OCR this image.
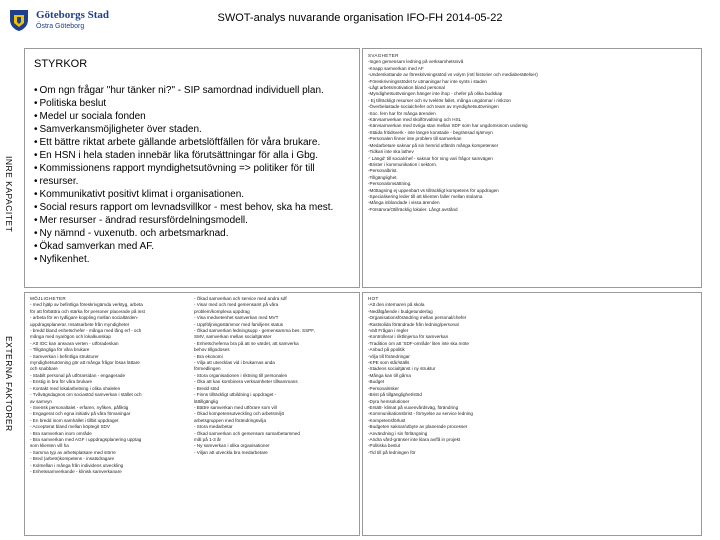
Göteborgs Stad
Östra Göteborg
SWOT-analys nuvarande organisation IFO-FH 2014-05-22
INRE KAPACITET
EXTERNA FAKTORER
STYRKOR
• Om ngn frågar "hur tänker ni?" - SIP samordnad individuell plan.
• Politiska beslut
• Medel ur sociala fonden
• Samverkansmöjligheter över staden.
• Ett bättre riktat arbete gällande arbetslöftfällen för våra brukare.
• En HSN i hela staden innebär lika förutsättningar för alla i Gbg.
• Kommissionens rapport myndighetsutövning => politiker för till
• resurser.
• Kommunikativt positivt klimat i organisationen.
• Social resurs rapport om levnadsvillkor - mest behov, ska ha mest.
• Mer resurser - ändrad resursfördelningsmodell.
• Ny nämnd - vuxenutb. och arbetsmarknad.
• Ökad samverkan med AF.
• Nyfikenhet.
SVAGHETER
-Ingen gemensam ledning på verksamhetsnivå
-Knapp samverkan med AF
-Underskottande av föreskrivningsstöd vs volym (mtl historier och mediaberättelser)
-Föreskrivningsstödet tv utmaningar har inte synts i staden
-Lågt arbetsmotivation bland personal
-Myndighetsutövningen hänger inte ihop - chefer på olika budskap
- Ej tillräckligt resurser och sv tveklös fallet, många ungdomar i riskzon
-Överbelastade socialchefer och team av myndighetsutövningen
-Soc. fem har för många ärenden
-Kärvsamverkan med skolförvaltning och HSL
-Kärvsamverkan med övriga stan mellan SDF som har ungdomsinom undersig
-Stäida fritidsverk - inte längre konstade - begränsad sjämvyn
-Personalen finner inte problem till samverkan
-Medarbetare saknar på sin hemrid utfärdn många kompetenser
-Tidkari inte ska lathev
-' Längd' till socialchef - saknar hör ning vari frågor samvägen
-Brister i kommunikation i sektorn.
-Personalbrist.
-Tillgänglighet.
-Personalomsättning.
-Möttagning ej uppenbart vs tillräckligt kompetens för uppdragen
-Specialisering leder till att klienten faller mellan stolarna
-Många inblandade i vissa ärenden
-Försämra/Otillräcklig lokaler. Långt avstånd
MÖJLIGHETER
- med hjälp av befintliga föreskrivgämda verktyg, arbeta
för att förbättra och stärka för personer placerade på inst
- arbeta för en tydligare koppling mellan socialtärden-
uppdragsplanerar. Insatsarbete från myndigheter
- bredd bland enhetschefer - många med lång erf - och
många med nya/ögon och lokalkunskap
- Att IOC kan ansvara verten - utföradeskan
- Tillgängliga för våra brukare
- Samverkan i befintliga strukturer
myndighetsutövning gör att många frågor lösas lättare
och snabbare
- Stabilt personal på utförarsidan - engagerade
- Enstig in bra för våra brukare
- Kontakt med lokalarbetning i olika ohalelen
- Tvåvägsdagnos om sociastöd samverkan i stället och
av samvyn
- Svensk personaltalet - erfaren, nyfiken, påfiktig
- Engagerat och egna initiativ på våra förvaningar
- En bredd inom samhället i tillbit uppdraget
- Accepterat bland mellan köptegit SDV
- Bra samverkan inom område
- Bra samverkan med AGF i uppdragsplanering upptag
som klienten vill ha
- Samma typ av arbetsplatsare med större
- Bred (arbets)kompetens - insatsdragare
- Kolmellan i många från individens utveckling
- Enhetssamverkande - klinisk samverkanare
- Ökad samverkan och service med andra sdf
- Visar med och med gemensamt på våra
problem/komplexa uppdrag
- Visa medvetenhet samverkan med MVT
- Uppföljningsstämmor med familjens status
- Ökad samverkan ledningsupp - gemensamma bes. SSPF,
SMV, samverkan mellan socialtjänster
- Enhetscheferna bra på att se värdet, att samverka
behov tillgodoses
- Bra ekonomi
- Vilja att utvecklas vid i brukarnas anda
förmedlingen
- Stora organisationen i riktning till personalen
- Öka att kan kombinera verksamheter tillsammans
- Bredd stöd
- Finns tillräckligt utbildning i uppdraget -
lättillgänglig
- Bättre samverkan med utförare som vill
- Ökad kompetensutveckling och arbetsmiljö
arbetsgruppen med förändringsvilja
- Stora medarbetar
- Ökad samverkan och gemensam samarbetarsmed
mål på 1-3 år
- Ny samverkan i olika organisationer
- Viljan att utveckla bra medarbetare
HOT
-Att den internaren på skola
-Nedåtgående i budgetunderlag
-Organisationsförändring mellan personal/chefer
-Rastsolida förändrade från ledning/personal
-Valt Frågan i regler
-Kontrollerar i riktlinjerna för samverkan
-Tradition om att 'SDF-område' liten inte ska möte
-Anbud på ppolitik
-Vilja till förändringar
-KPE som står/ställs
-Stadens socialtjänst i ny struktur
-Många kan till gårna
-Budget
-Personalrisker
-Brist på tillgänglighet/stöd
-Dyra hemsolutioner
-Ersätt- klimat på vuxenvårdsväg, förändring
-Kommunikationsbrist - förnyelse av service ledning
-Kompetensförlust
-Budgeten saknar/utbyte av planerade processer
-Användning i sin förlängning
-Andra vård-gränser inte klara av/få in projekt
-Politiska beslut
-Tid till på ledningen för
